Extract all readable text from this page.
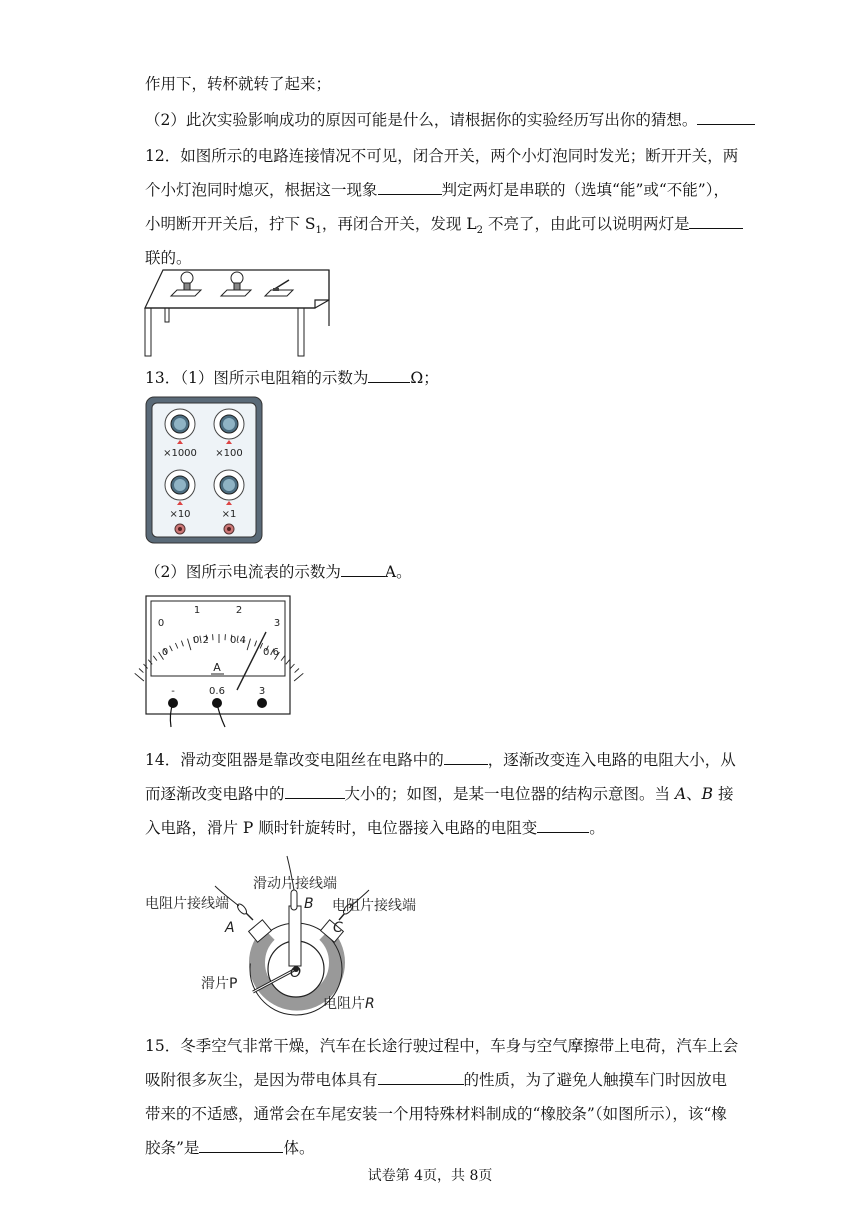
作用下，转杯就转了起来；
（2）此次实验影响成功的原因可能是什么，请根据你的实验经历写出你的猜想。
12．如图所示的电路连接情况不可见，闭合开关，两个小灯泡同时发光；断开开关，两
个小灯泡同时熄灭，根据这一现象	判定两灯是串联的（选填“能”或“不能”），
小明断开开关后，拧下 $S_1$，再闭合开关，发现 $L_2$ 不亮了，由此可以说明两灯是
联的。
13．（1）图所示电阻箱的示数为	Ω；
×1000 ×100
×10	×1
（2）图所示电流表的示数为	A。
0
1	2
3
0
0.2 0.4
0.6
A
-	0.6	3
14．滑动变阻器是靠改变电阻丝在电路中的	，逐渐改变连入电路的电阻大小，从
而逐渐改变电路中的	大小的；如图，是某一电位器的结构示意图。当 A、B 接
入电路，滑片 P 顺时针旋转时，电位器接入电路的电阻变	。
滑动片接线端
电阻片接线端	电阻片接线端
A
B
C
O
滑片P
电阻片R
15．冬季空气非常干燥，汽车在长途行驶过程中，车身与空气摩擦带上电荷，汽车上会
吸附很多灰尘，是因为带电体具有	的性质，为了避免人触摸车门时因放电
带来的不适感，通常会在车尾安装一个用特殊材料制成的“橡胶条”（如图所示），该“橡
胶条”是	体。
试卷第 4页，共 8页
